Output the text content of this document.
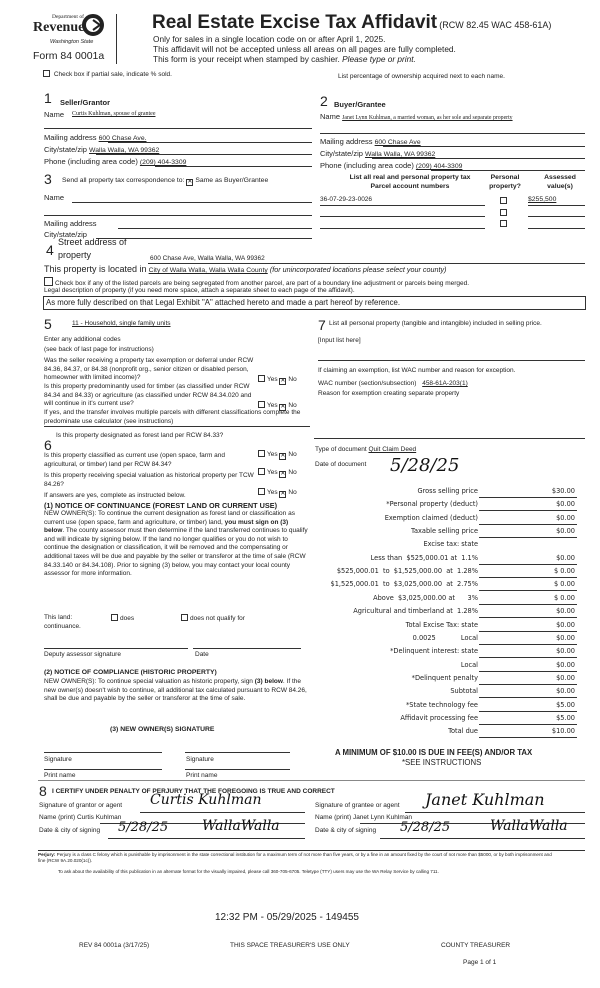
Department of
Revenue
Washington State
Form 84 0001a
Real Estate Excise Tax Affidavit (RCW 82.45 WAC 458-61A)
Only for sales in a single location code on or after April 1, 2025.
This affidavit will not be accepted unless all areas on all pages are fully completed.
This form is your receipt when stamped by cashier. Please type or print.
Check box if partial sale, indicate % sold.	List percentage of ownership acquired next to each name.
1 Seller/Grantor
Name Curtis Kuhlman, spouse of grantee
Mailing address 600 Chase Ave.
City/state/zip Walla Walla, WA 99362
Phone (including area code) (209) 404-3309
3 Send all property tax correspondence to: ✕ Same as Buyer/Grantee
Name
Mailing address
City/state/zip
2 Buyer/Grantee
Name Janet Lynn Kuhlman, a married woman, as her sole and separate property
Mailing address 600 Chase Ave
City/state/zip Walla Walla, WA 99362
Phone (including area code) (209) 404-3309
List all real and personal property tax
Parcel account numbers
Personal property?
Assessed value(s)
36-07-29-23-0026	$255,500
4 Street address of
property	600 Chase Ave, Walla Walla, WA 99362
This property is located in City of Walla Walla, Walla Walla County (for unincorporated locations please select your county)
Check box if any of the listed parcels are being segregated from another parcel, are part of a boundary line adjustment or parcels being merged.
Legal description of property (if you need more space, attach a separate sheet to each page of the affidavit).
As more fully described on that Legal Exhibit "A" attached hereto and made a part hereof by reference.
5	11 - Household, single family units
Enter any additional codes
(see back of last page for instructions)

Was the seller receiving a property tax exemption or deferral under RCW 84.36, 84.37, or 84.38 (nonprofit org., senior citizen or disabled person, homeowner with limited income)?

Is this property predominantly used for timber (as classified under RCW 84.34 and 84.33) or agriculture (as classified under RCW 84.34.020 and will continue in it's current use?

If yes, and the transfer involves multiple parcels with different classifications complete the predominate use calculator (see instructions)

6

Is this property designated as forest land per RCW 84.33?

Is this property classified as current use (open space, farm and agricultural, or timber) land per RCW 84.34?

Is this property receiving special valuation as historical property per TCW 84.26?

If answers are yes, complete as instructed below.
(1) NOTICE OF CONTINUANCE (FOREST LAND OR CURRENT USE)

NEW OWNER(S): To continue the current designation as forest land or classification as current use (open space, farm and agriculture, or timber) land, you must sign on (3) below. The county assessor must then determine if the land transferred continues to qualify and will indicate by signing below. If the land no longer qualifies or you do not wish to continue the designation or classification, it will be removed and the compensating or additional taxes will be due and payable by the seller or transferor at the time of sale (RCW 84.33.140 or 84.34.108). Prior to signing (3) below, you may contact your local county assessor for more information.

This land:	does	does not qualify for
continuance.
Deputy assessor signature	Date
(2) NOTICE OF COMPLIANCE (HISTORIC PROPERTY)

NEW OWNER(S): To continue special valuation as historic property, sign (3) below. If the new owner(s) doesn't wish to continue, all additional tax calculated pursuant to RCW 84.26, shall be due and payable by the seller or transferor at the time of sale.

(3) NEW OWNER(S) SIGNATURE
Signature	Signature
Print name	Print name
Yes ✕ No
Yes ✕ No
Yes ✕ No
Yes ✕ No
Yes ✕ No
7 List all personal property (tangible and intangible) included in selling price.

[Input list here]
If claiming an exemption, list WAC number and reason for exception.
WAC number (section/subsection) 458-61A-203(1)
Reason for exemption creating separate property
Type of document Quit Claim Deed
Date of document 5/28/25
Gross selling price	$30.00
*Personal property (deduct)	$0.00
Exemption claimed (deduct)	$0.00
Taxable selling price	$0.00
Excise tax: state
Less than  $525,000.01 at  1.1%	$0.00
$525,000.01  to  $1,525,000.00  at  1.28%	$ 0.00
$1,525,000.01  to  $3,025,000.00  at  2.75%	$ 0.00
Above  $3,025,000.00 at      3%	$ 0.00
Agricultural and timberland at  1.28%	$0.00
Total Excise Tax: state	$0.00
0.0025            Local	$0.00
*Delinquent interest: state	$0.00
Local	$0.00
*Delinquent penalty	$0.00
Subtotal	$0.00
*State technology fee	$5.00
Affidavit processing fee	$5.00
Total due	$10.00
A MINIMUM OF $10.00 IS DUE IN FEE(S) AND/OR TAX
*SEE INSTRUCTIONS
8 I CERTIFY UNDER PENALTY OF PERJURY THAT THE FOREGOING IS TRUE AND CORRECT
Signature of grantor or agent Curtis Kuhlman
Name (print) Curtis Kuhlman
Date & city of signing 5/28/25 WallaWalla
Signature of grantee or agent Janet Kuhlman
Name (print) Janet Lynn Kuhlman
Date & city of signing 5/28/25	WallaWalla

Perjury: Perjury is a class C felony which is punishable by imprisonment in the state correctional institution for a maximum term of not more than five years, or by a fine in an amount fixed by the court of not more than $5000, or by both imprisonment and fine (RCW 9A.20.020(1c)).

To ask about the availability of this publication in an alternate format for the visually impaired, please call 360-705-6705. Teletype (TTY) users may use the WA Relay Service by calling 711.
12:32 PM - 05/29/2025 - 149455
REV 84 0001a (3/17/25)	THIS SPACE TREASURER'S USE ONLY	COUNTY TREASURER
Page 1 of 1
